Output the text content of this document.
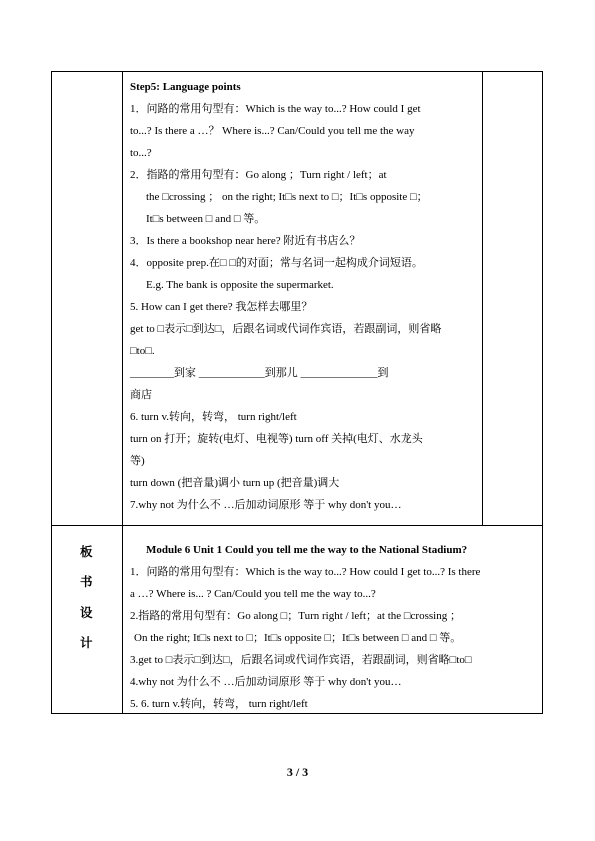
Step5: Language points
1．问路的常用句型有：Which is the way to...? How could I get
to...? Is there a …？ Where is...? Can/Could you tell me the way
to...?
2．指路的常用句型有：Go along ；Turn right / left；at
the □crossing ； on the right; It□s next to □；It□s opposite □；
It□s between □ and □ 等。
3．Is there a bookshop near here? 附近有书店么？
4．opposite prep.在□ □的对面；常与名词一起构成介词短语。
E.g. The bank is opposite the supermarket.
5. How can I get there? 我怎样去哪里？
get to □表示□到达□，后跟名词或代词作宾语，若跟副词，则省略
□to□.
________到家 ____________到那儿 ______________到
商店
6. turn v.转向，转弯， turn right/left
turn on 打开；旋转(电灯、电视等) turn off 关掉(电灯、水龙头
等)
turn down (把音量)调小 turn up (把音量)调大
7.why not 为什么不 …后加动词原形 等于 why don't you…
板
书
设
计
Module 6 Unit 1 Could you tell me the way to the National Stadium?
1．问路的常用句型有：Which is the way to...? How could I get to...? Is there
a …? Where is... ? Can/Could you tell me the way to...?
2.指路的常用句型有：Go along □；Turn right / left；at the □crossing ；
On the right; It□s next to □；It□s opposite □；It□s between □ and □ 等。
3.get to □表示□到达□，后跟名词或代词作宾语，若跟副词，则省略□to□
4.why not 为什么不 …后加动词原形 等于 why don't you…
5. 6. turn v.转向，转弯， turn right/left
3 / 3
